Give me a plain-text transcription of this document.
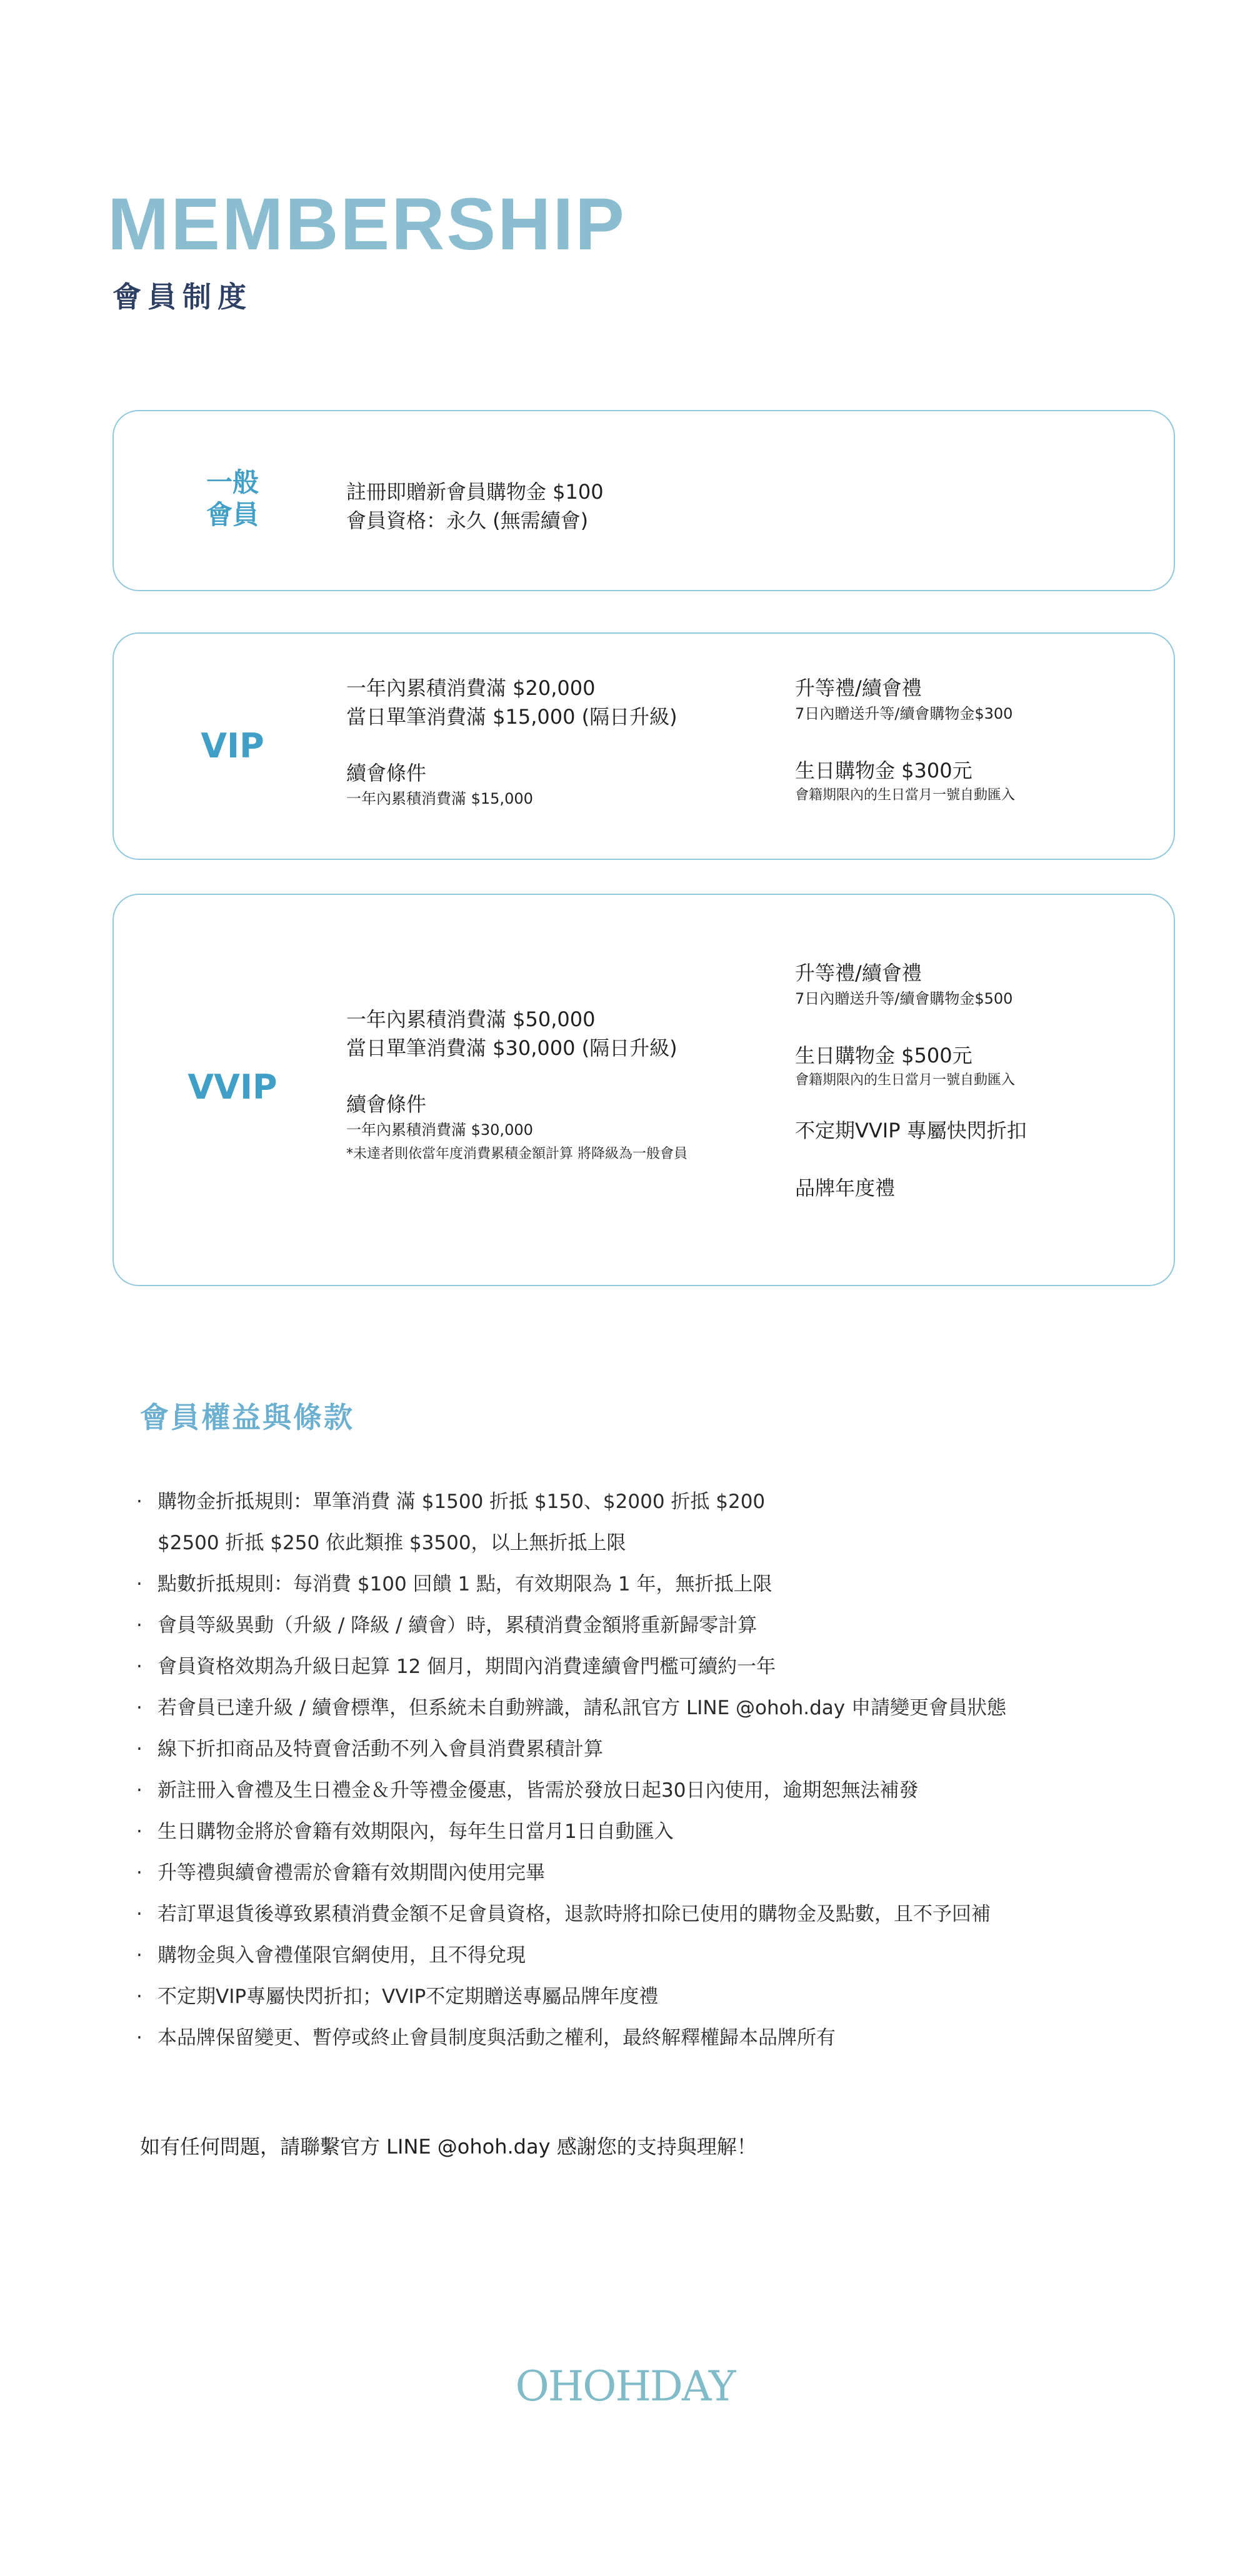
MEMBERSHIP
會員制度
一般
會員
註冊即贈新會員購物金 $100
會員資格：永久 (無需續會)
VIP
一年內累積消費滿 $20,000
當日單筆消費滿 $15,000 (隔日升級)
續會條件
一年內累積消費滿 $15,000
升等禮/續會禮
7日內贈送升等/續會購物金$300
生日購物金 $300元
會籍期限內的生日當月一號自動匯入
VVIP
一年內累積消費滿 $50,000
當日單筆消費滿 $30,000 (隔日升級)
續會條件
一年內累積消費滿 $30,000
*未達者則依當年度消費累積金額計算 將降級為一般會員
升等禮/續會禮
7日內贈送升等/續會購物金$500
生日購物金 $500元
會籍期限內的生日當月一號自動匯入
不定期VVIP 專屬快閃折扣
品牌年度禮
會員權益與條款
· 購物金折抵規則：單筆消費 滿 $1500 折抵 $150、$2000 折抵 $200
$2500 折抵 $250 依此類推 $3500，以上無折抵上限
· 點數折抵規則：每消費 $100 回饋 1 點，有效期限為 1 年，無折抵上限
· 會員等級異動（升級 / 降級 / 續會）時，累積消費金額將重新歸零計算
· 會員資格效期為升級日起算 12 個月，期間內消費達續會門檻可續約一年
· 若會員已達升級 / 續會標準，但系統未自動辨識，請私訊官方 LINE @ohoh.day 申請變更會員狀態
· 線下折扣商品及特賣會活動不列入會員消費累積計算
· 新註冊入會禮及生日禮金＆升等禮金優惠，皆需於發放日起30日內使用，逾期恕無法補發
· 生日購物金將於會籍有效期限內，每年生日當月1日自動匯入
· 升等禮與續會禮需於會籍有效期間內使用完畢
· 若訂單退貨後導致累積消費金額不足會員資格，退款時將扣除已使用的購物金及點數，且不予回補
· 購物金與入會禮僅限官網使用，且不得兌現
· 不定期VIP專屬快閃折扣；VVIP不定期贈送專屬品牌年度禮
· 本品牌保留變更、暫停或終止會員制度與活動之權利，最終解釋權歸本品牌所有
如有任何問題，請聯繫官方 LINE @ohoh.day 感謝您的支持與理解！
OHOHDAY
